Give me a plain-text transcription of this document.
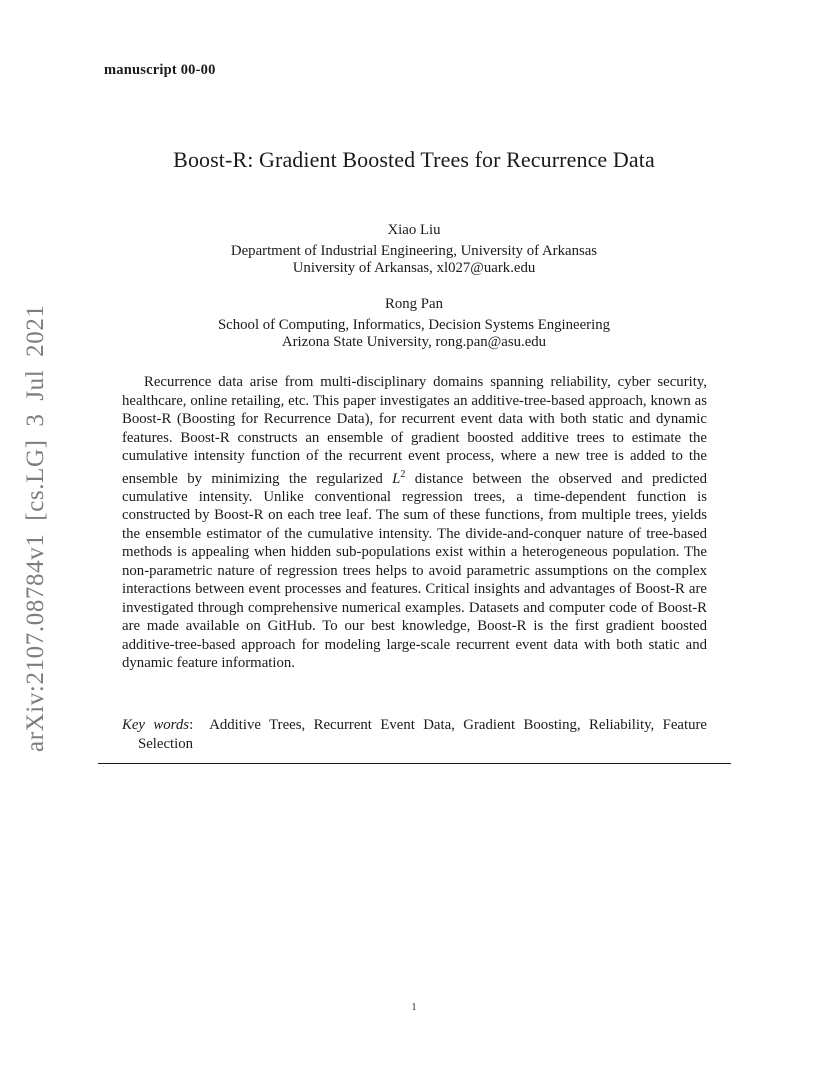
manuscript 00-00
arXiv:2107.08784v1 [cs.LG] 3 Jul 2021
Boost-R: Gradient Boosted Trees for Recurrence Data
Xiao Liu
Department of Industrial Engineering, University of Arkansas
University of Arkansas, xl027@uark.edu
Rong Pan
School of Computing, Informatics, Decision Systems Engineering
Arizona State University, rong.pan@asu.edu

Recurrence data arise from multi-disciplinary domains spanning reliability, cyber security, healthcare, online retailing, etc. This paper investigates an additive-tree-based approach, known as Boost-R (Boosting for Recurrence Data), for recurrent event data with both static and dynamic features. Boost-R constructs an ensemble of gradient boosted additive trees to estimate the cumulative intensity function of the recurrent event process, where a new tree is added to the ensemble by minimizing the regularized $L^2$ distance between the observed and predicted cumulative intensity. Unlike conventional regression trees, a time-dependent function is constructed by Boost-R on each tree leaf. The sum of these functions, from multiple trees, yields the ensemble estimator of the cumulative intensity. The divide-and-conquer nature of tree-based methods is appealing when hidden sub-populations exist within a heterogeneous population. The non-parametric nature of regression trees helps to avoid parametric assumptions on the complex interactions between event processes and features. Critical insights and advantages of Boost-R are investigated through comprehensive numerical examples. Datasets and computer code of Boost-R are made available on GitHub. To our best knowledge, Boost-R is the first gradient boosted additive-tree-based approach for modeling large-scale recurrent event data with both static and dynamic feature information.

Key words: Additive Trees, Recurrent Event Data, Gradient Boosting, Reliability, Feature Selection
1
